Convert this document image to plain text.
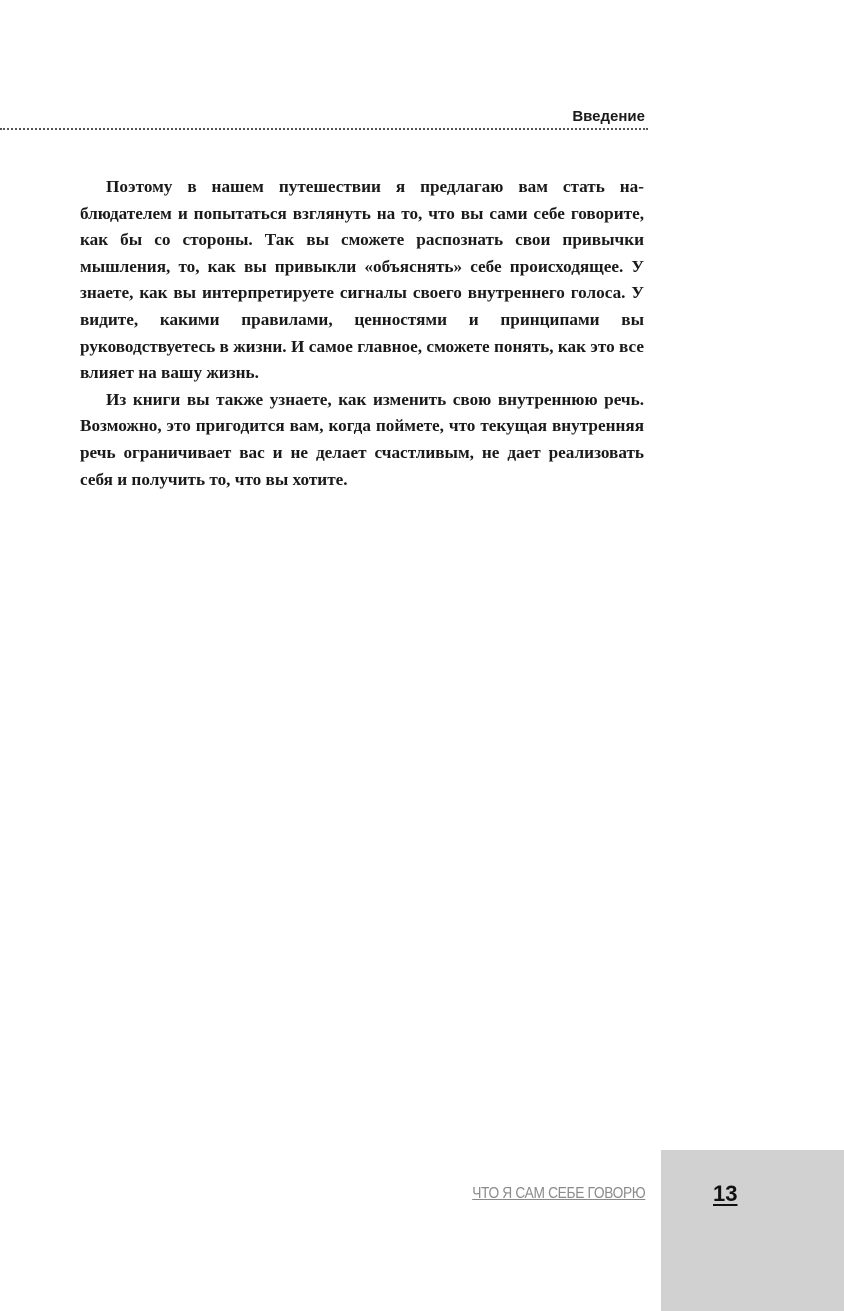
Введение

Поэтому в нашем путешествии я предлагаю вам стать наблюдателем и попытаться взглянуть на то, что вы сами себе говорите, как бы со стороны. Так вы сможете распознать свои привычки мышления, то, как вы привыкли «объяснять» себе происходящее. У знаете, как вы интерпретируете сигналы своего внутреннего голоса. У видите, какими правилами, ценностями и принципами вы руководствуетесь в жизни. И самое главное, сможете понять, как это все влияет на вашу жизнь.

Из книги вы также узнаете, как изменить свою внутреннюю речь. Возможно, это пригодится вам, когда поймете, что текущая внутренняя речь ограничивает вас и не делает счастливым, не дает реализовать себя и получить то, что вы хотите.

ЧТО Я САМ СЕБЕ ГОВОРЮ	13
